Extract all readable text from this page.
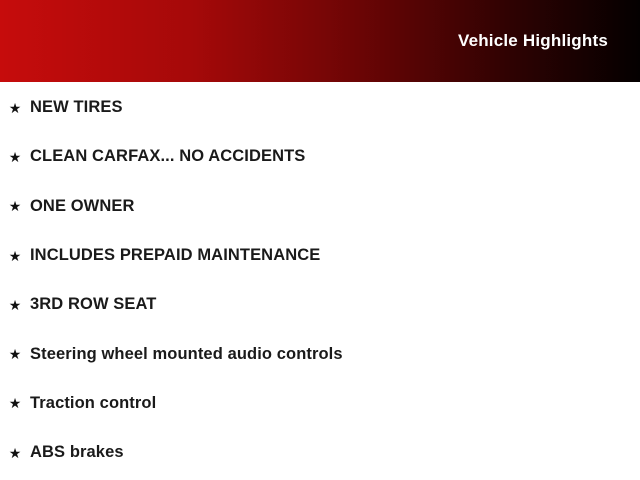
Vehicle Highlights
★ NEW TIRES
★ CLEAN CARFAX... NO ACCIDENTS
★ ONE OWNER
★ INCLUDES PREPAID MAINTENANCE
★ 3RD ROW SEAT
★ Steering wheel mounted audio controls
★ Traction control
★ ABS brakes
